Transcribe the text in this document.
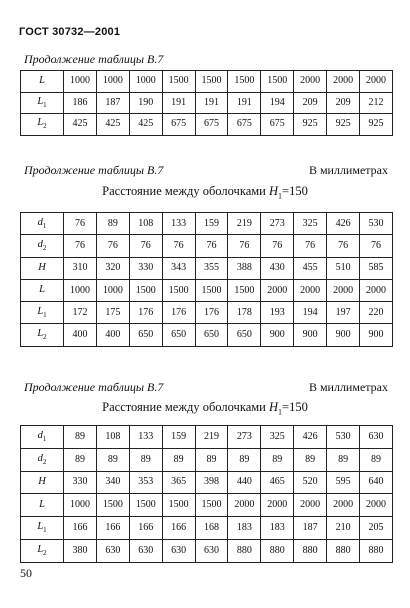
ГОСТ 30732—2001
Продолжение таблицы В.7
L	1000	1000	1000	1500	1500	1500	1500	2000	2000	2000
$L_1$	186	187	190	191	191	191	194	209	209	212
$L_2$	425	425	425	675	675	675	675	925	925	925
Продолжение таблицы В.7	В миллиметрах
Расстояние между оболочками $H_1=150$
$d_1$	76	89	108	133	159	219	273	325	426	530
$d_2$	76	76	76	76	76	76	76	76	76	76
H	310	320	330	343	355	388	430	455	510	585
L	1000	1000	1500	1500	1500	1500	2000	2000	2000	2000
$L_1$	172	175	176	176	176	178	193	194	197	220
$L_2$	400	400	650	650	650	650	900	900	900	900
Продолжение таблицы В.7	В миллиметрах
Расстояние между оболочками $H_1=150$
$d_1$	89	108	133	159	219	273	325	426	530	630
$d_2$	89	89	89	89	89	89	89	89	89	89
H	330	340	353	365	398	440	465	520	595	640
L	1000	1500	1500	1500	1500	2000	2000	2000	2000	2000
$L_1$	166	166	166	166	168	183	183	187	210	205
$L_2$	380	630	630	630	630	880	880	880	880	880
50
